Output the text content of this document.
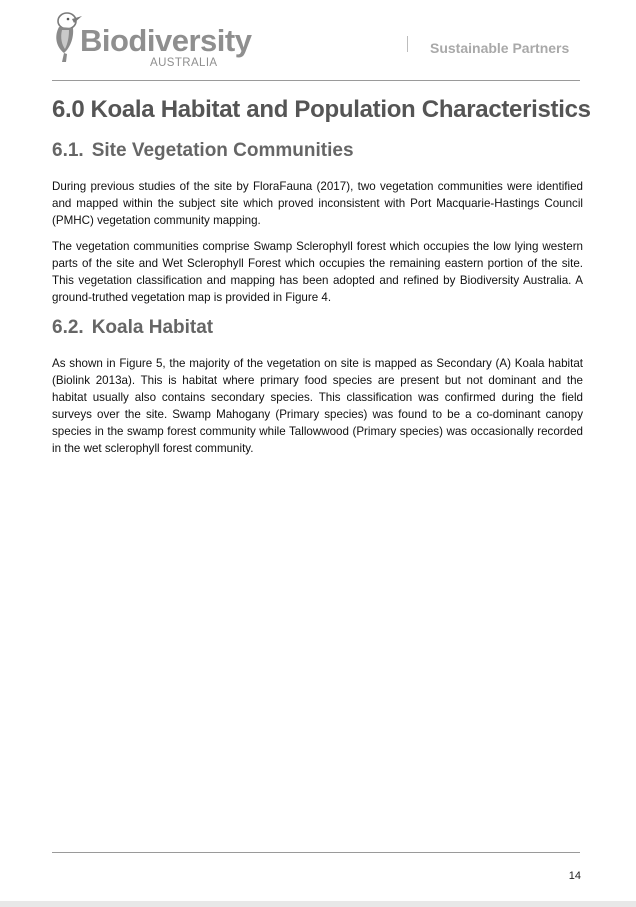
Biodiversity
AUSTRALIA
Sustainable Partners
6.0 Koala Habitat and Population Characteristics
6.1. Site Vegetation Communities

During previous studies of the site by FloraFauna (2017), two vegetation communities were identified and mapped within the subject site which proved inconsistent with Port Macquarie-Hastings Council (PMHC) vegetation community mapping.

The vegetation communities comprise Swamp Sclerophyll forest which occupies the low lying western parts of the site and Wet Sclerophyll Forest which occupies the remaining eastern portion of the site. This vegetation classification and mapping has been adopted and refined by Biodiversity Australia. A ground-truthed vegetation map is provided in Figure 4.

6.2. Koala Habitat

As shown in Figure 5, the majority of the vegetation on site is mapped as Secondary (A) Koala habitat (Biolink 2013a). This is habitat where primary food species are present but not dominant and the habitat usually also contains secondary species. This classification was confirmed during the field surveys over the site. Swamp Mahogany (Primary species) was found to be a co-dominant canopy species in the swamp forest community while Tallowwood (Primary species) was occasionally recorded in the wet sclerophyll forest community.

14
